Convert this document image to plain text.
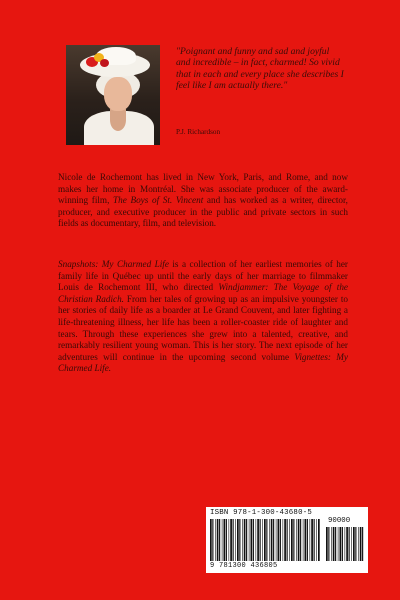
"Poignant and funny and sad and joyful and incredible – in fact, charmed! So vivid that in each and every place she describes I feel like I am actually there."

P.J. Richardson

Nicole de Rochemont has lived in New York, Paris, and Rome, and now makes her home in Montréal. She was associate producer of the award-winning film, The Boys of St. Vincent and has worked as a writer, director, producer, and executive producer in the public and private sectors in such fields as documentary, film, and television.

Snapshots: My Charmed Life is a collection of her earliest memories of her family life in Québec up until the early days of her marriage to filmmaker Louis de Rochemont III, who directed Windjammer: The Voyage of the Christian Radich. From her tales of growing up as an impulsive youngster to her stories of daily life as a boarder at Le Grand Couvent, and later fighting a life-threatening illness, her life has been a roller-coaster ride of laughter and tears. Through these experiences she grew into a talented, creative, and remarkably resilient young woman. This is her story. The next episode of her adventures will continue in the upcoming second volume Vignettes: My Charmed Life.

ISBN 978-1-300-43680-5
90000
9 781300 436805
